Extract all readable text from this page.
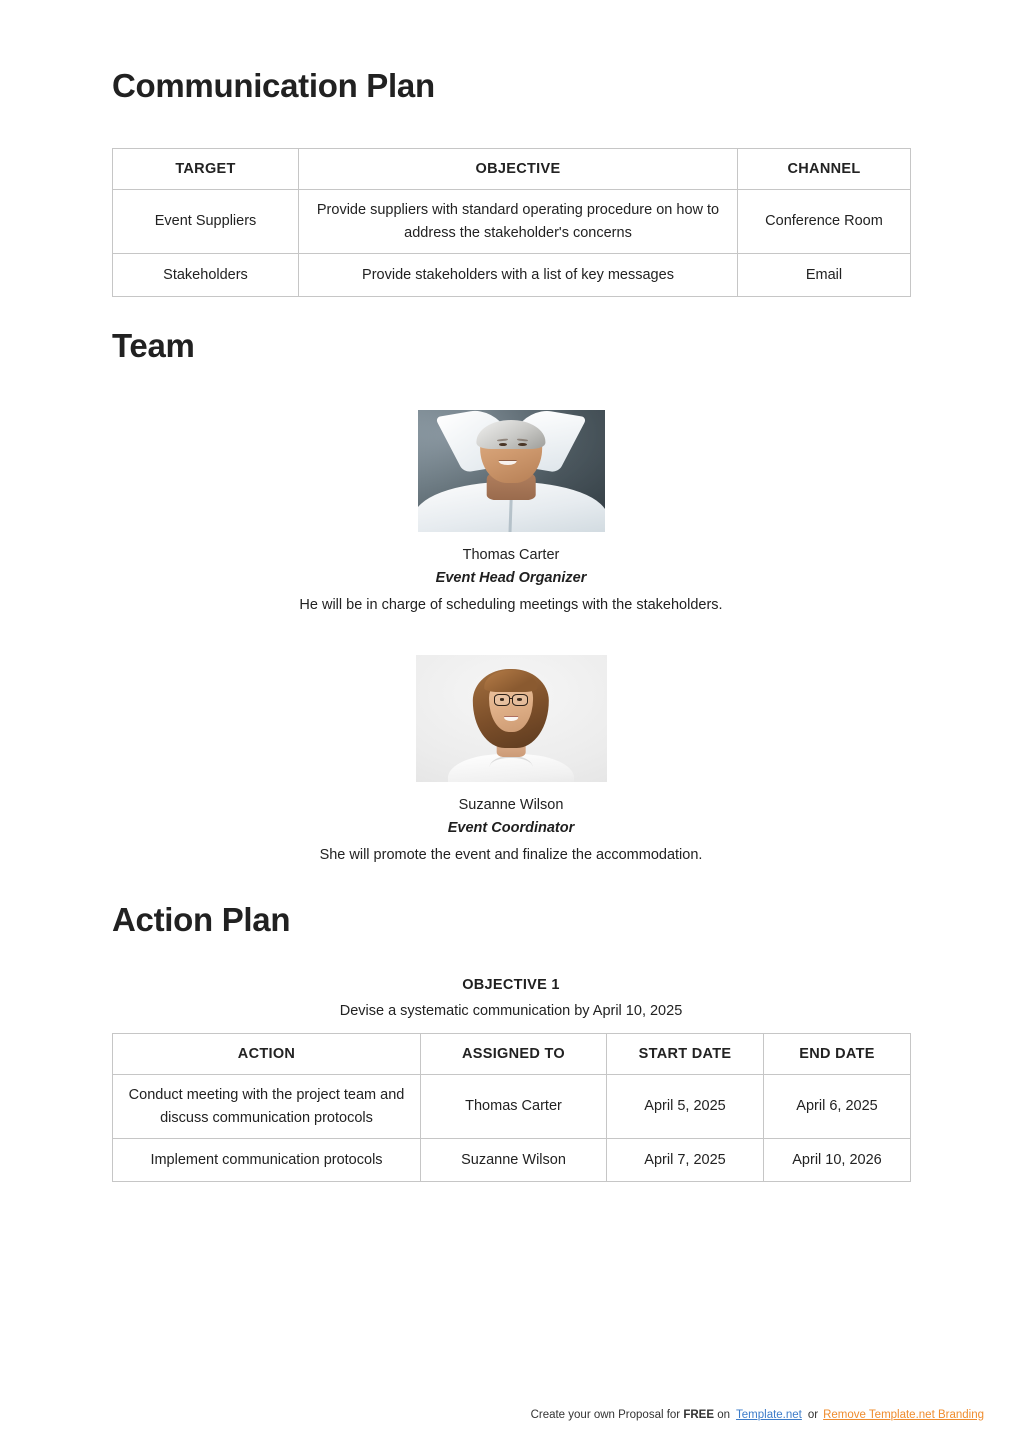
Communication Plan
TARGET	OBJECTIVE	CHANNEL
Event Suppliers	Provide suppliers with standard operating procedure on how to address the stakeholder's concerns	Conference Room
Stakeholders	Provide stakeholders with a list of key messages	Email
Team
Thomas Carter
Event Head Organizer
He will be in charge of scheduling meetings with the stakeholders.
Suzanne Wilson
Event Coordinator
She will promote the event and finalize the accommodation.
Action Plan
OBJECTIVE 1
Devise a systematic communication by April 10, 2025
ACTION	ASSIGNED TO	START DATE	END DATE
Conduct meeting with the project team and discuss communication protocols	Thomas Carter	April 5, 2025	April 6, 2025
Implement communication protocols	Suzanne Wilson	April 7, 2025	April 10, 2026
Create your own Proposal for FREE on Template.net or Remove Template.net Branding
